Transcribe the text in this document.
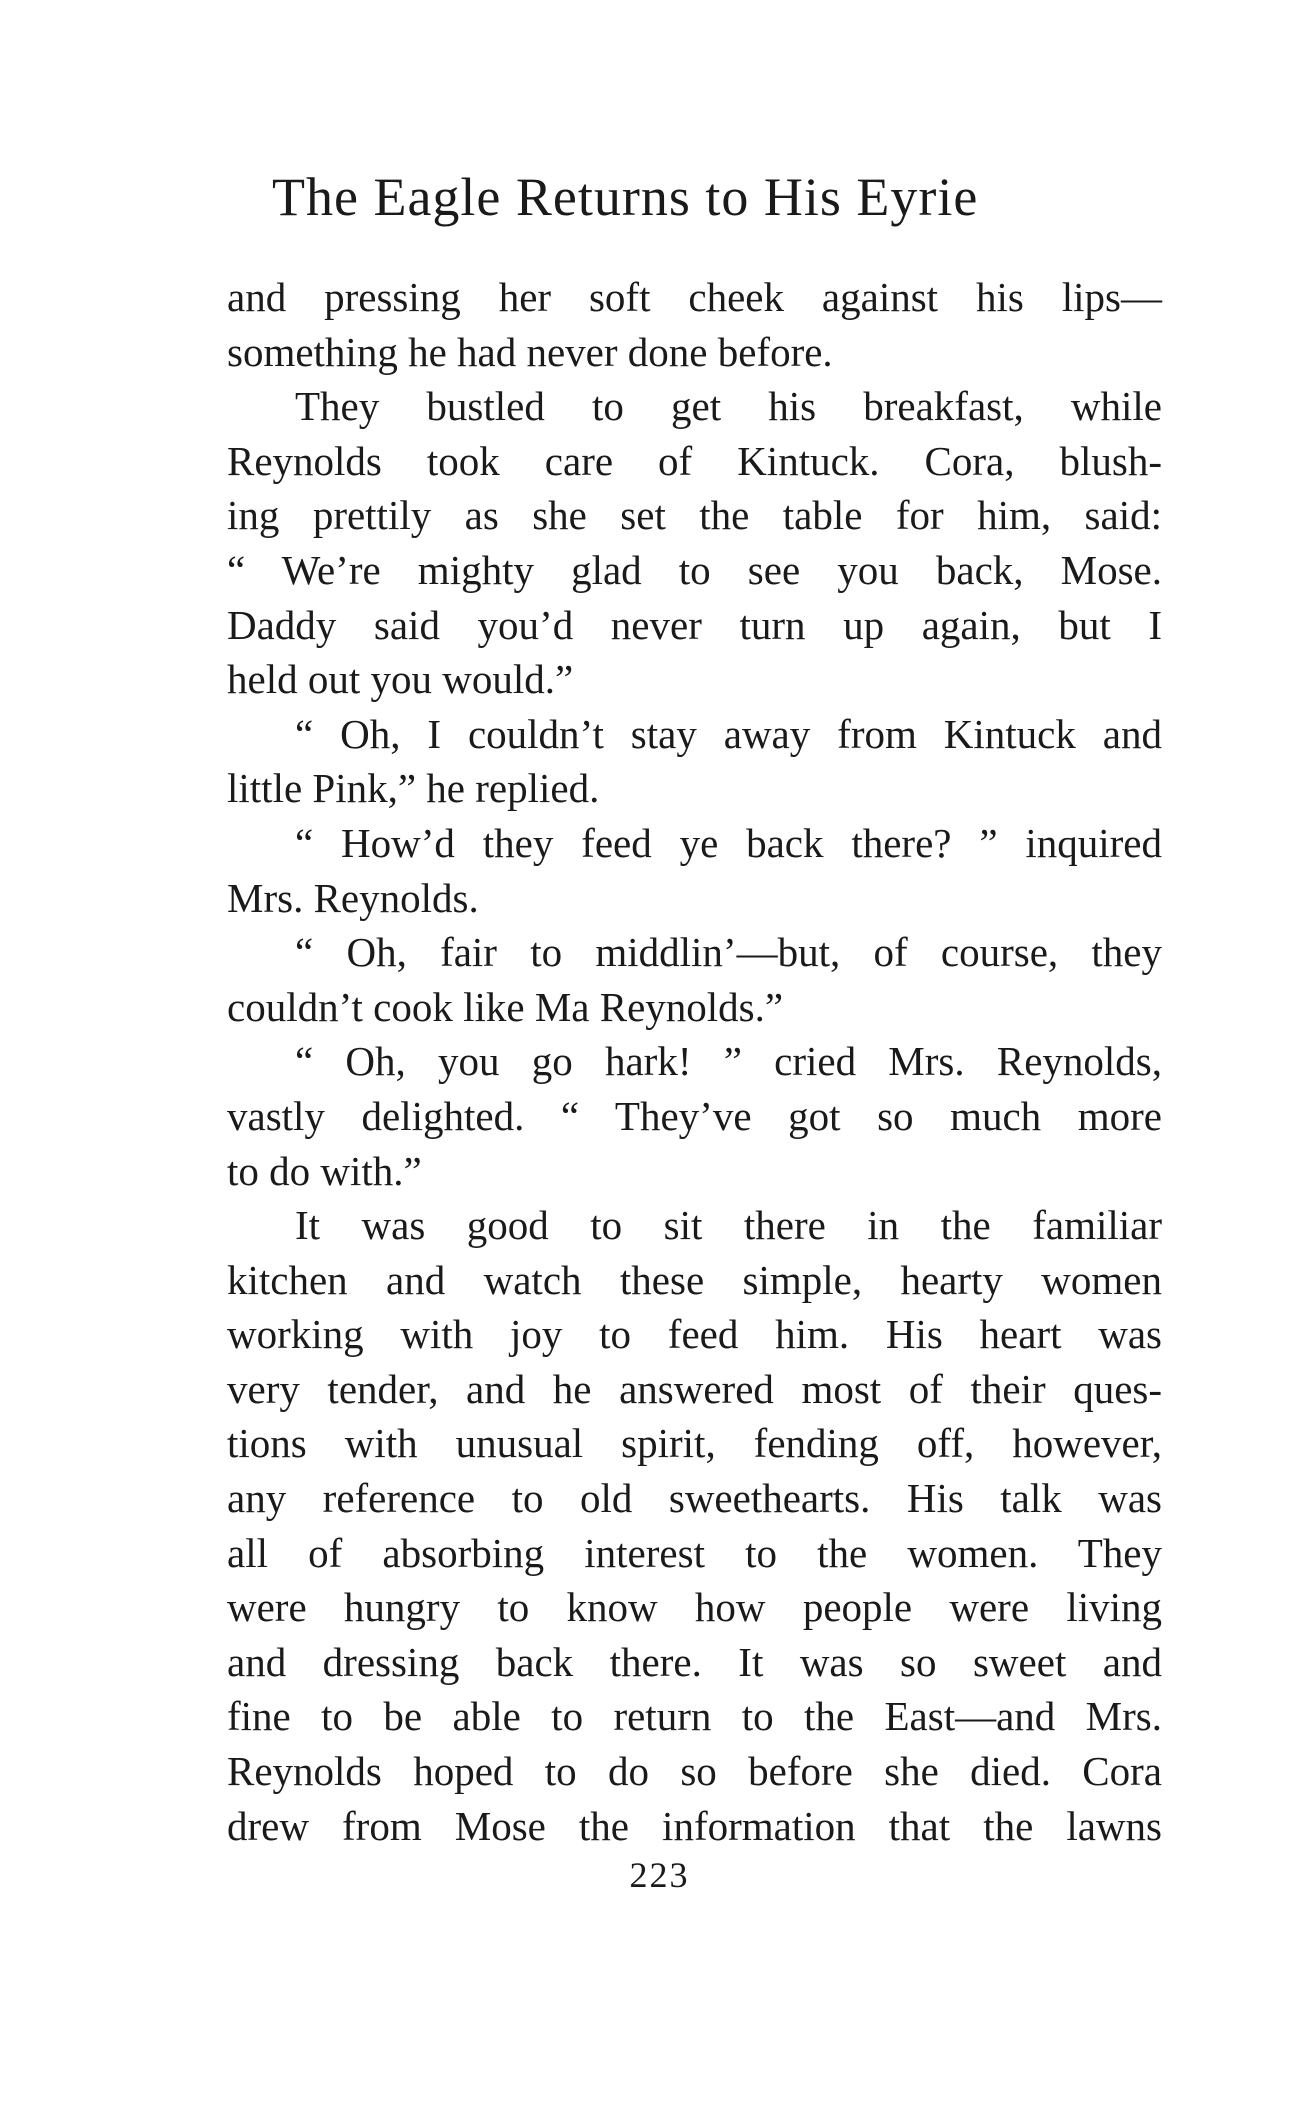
The Eagle Returns to His Eyrie
and pressing her soft cheek against his lips—
something he had never done before.
They bustled to get his breakfast, while
Reynolds took care of Kintuck. Cora, blush-
ing prettily as she set the table for him, said:
“ We’re mighty glad to see you back, Mose.
Daddy said you’d never turn up again, but I
held out you would.”
“ Oh, I couldn’t stay away from Kintuck and
little Pink,” he replied.
“ How’d they feed ye back there? ” inquired
Mrs. Reynolds.
“ Oh, fair to middlin’—but, of course, they
couldn’t cook like Ma Reynolds.”
“ Oh, you go hark! ” cried Mrs. Reynolds,
vastly delighted. “ They’ve got so much more
to do with.”
It was good to sit there in the familiar
kitchen and watch these simple, hearty women
working with joy to feed him. His heart was
very tender, and he answered most of their ques-
tions with unusual spirit, fending off, however,
any reference to old sweethearts. His talk was
all of absorbing interest to the women. They
were hungry to know how people were living
and dressing back there. It was so sweet and
fine to be able to return to the East—and Mrs.
Reynolds hoped to do so before she died. Cora
drew from Mose the information that the lawns
223
